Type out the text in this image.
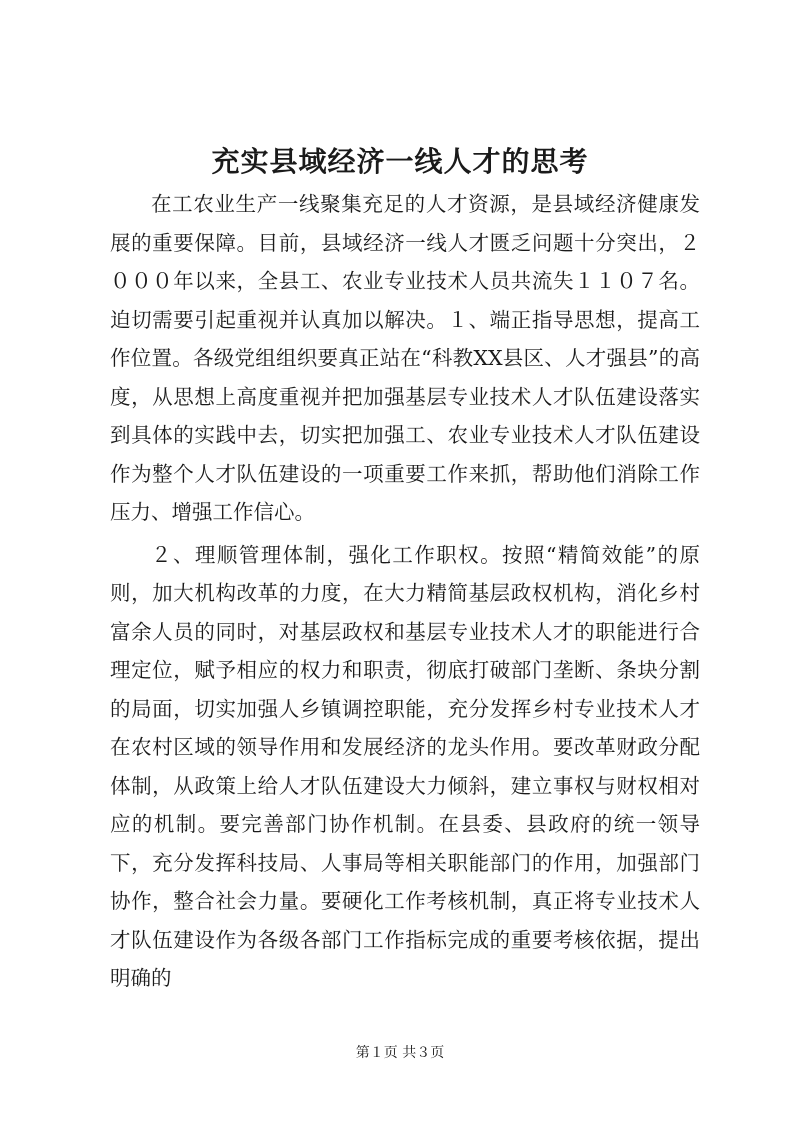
充实县域经济一线人才的思考

在工农业生产一线聚集充足的人才资源，是县域经济健康发展的重要保障。目前，县域经济一线人才匮乏问题十分突出，２０００年以来，全县工、农业专业技术人员共流失１１０７名。迫切需要引起重视并认真加以解决。１、端正指导思想，提高工作位置。各级党组组织要真正站在“科教XX县区、人才强县”的高度，从思想上高度重视并把加强基层专业技术人才队伍建设落实到具体的实践中去，切实把加强工、农业专业技术人才队伍建设作为整个人才队伍建设的一项重要工作来抓，帮助他们消除工作压力、增强工作信心。

２、理顺管理体制，强化工作职权。按照“精简效能”的原则，加大机构改革的力度，在大力精简基层政权机构，消化乡村富余人员的同时，对基层政权和基层专业技术人才的职能进行合理定位，赋予相应的权力和职责，彻底打破部门垄断、条块分割的局面，切实加强人乡镇调控职能，充分发挥乡村专业技术人才在农村区域的领导作用和发展经济的龙头作用。要改革财政分配体制，从政策上给人才队伍建设大力倾斜，建立事权与财权相对应的机制。要完善部门协作机制。在县委、县政府的统一领导下，充分发挥科技局、人事局等相关职能部门的作用，加强部门协作，整合社会力量。要硬化工作考核机制，真正将专业技术人才队伍建设作为各级各部门工作指标完成的重要考核依据，提出明确的

第１页 共３页
